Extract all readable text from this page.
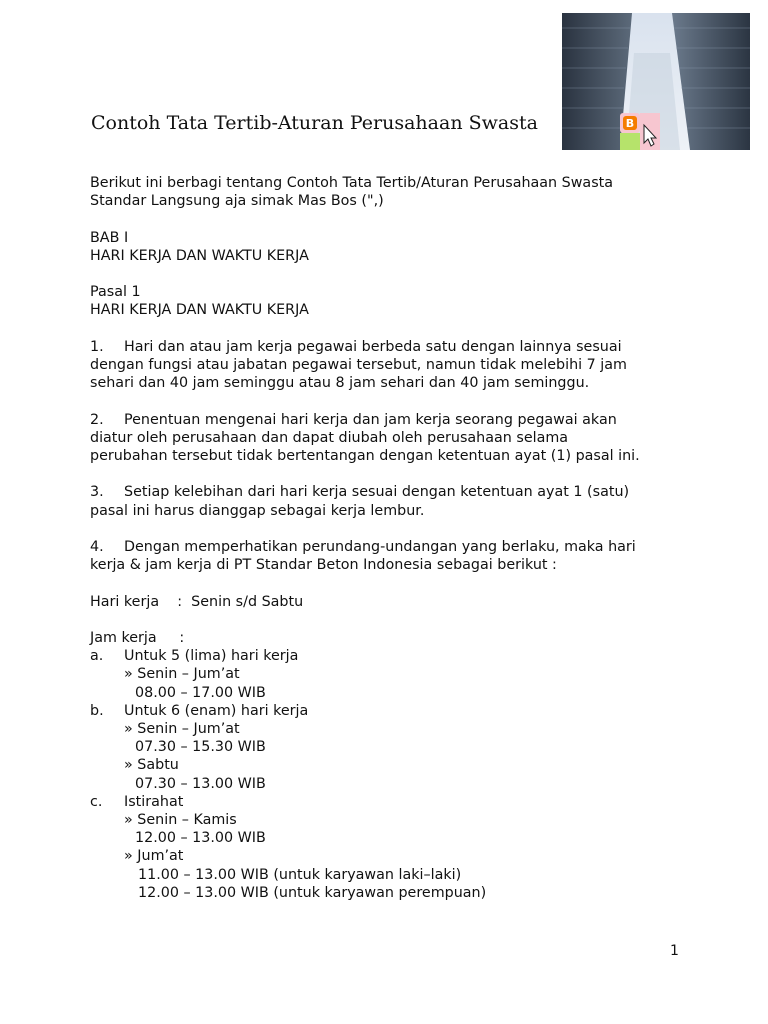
B
Contoh Tata Tertib-Aturan Perusahaan Swasta

Berikut ini berbagi tentang Contoh Tata Tertib/Aturan Perusahaan Swasta

Standar Langsung aja simak Mas Bos (",)

BAB I

HARI KERJA DAN WAKTU KERJA

Pasal 1

HARI KERJA DAN WAKTU KERJA

1. Hari dan atau jam kerja pegawai berbeda satu dengan lainnya sesuai

dengan fungsi atau jabatan pegawai tersebut, namun tidak melebihi 7 jam

sehari dan 40 jam seminggu atau 8 jam sehari dan 40 jam seminggu.

2. Penentuan mengenai hari kerja dan jam kerja seorang pegawai akan

diatur oleh perusahaan dan dapat diubah oleh perusahaan selama

perubahan tersebut tidak bertentangan dengan ketentuan ayat (1) pasal ini.

3. Setiap kelebihan dari hari kerja sesuai dengan ketentuan ayat 1 (satu)

pasal ini harus dianggap sebagai kerja lembur.

4. Dengan memperhatikan perundang-undangan yang berlaku, maka hari

kerja & jam kerja di PT Standar Beton Indonesia sebagai berikut :

Hari kerja    :  Senin s/d Sabtu

Jam kerja     :

a. Untuk 5 (lima) hari kerja

» Senin – Jum’at

08.00 – 17.00 WIB

b. Untuk 6 (enam) hari kerja

» Senin – Jum’at

07.30 – 15.30 WIB

» Sabtu

07.30 – 13.00 WIB

c. Istirahat

» Senin – Kamis

12.00 – 13.00 WIB

» Jum’at

11.00 – 13.00 WIB (untuk karyawan laki–laki)

12.00 – 13.00 WIB (untuk karyawan perempuan)

1
